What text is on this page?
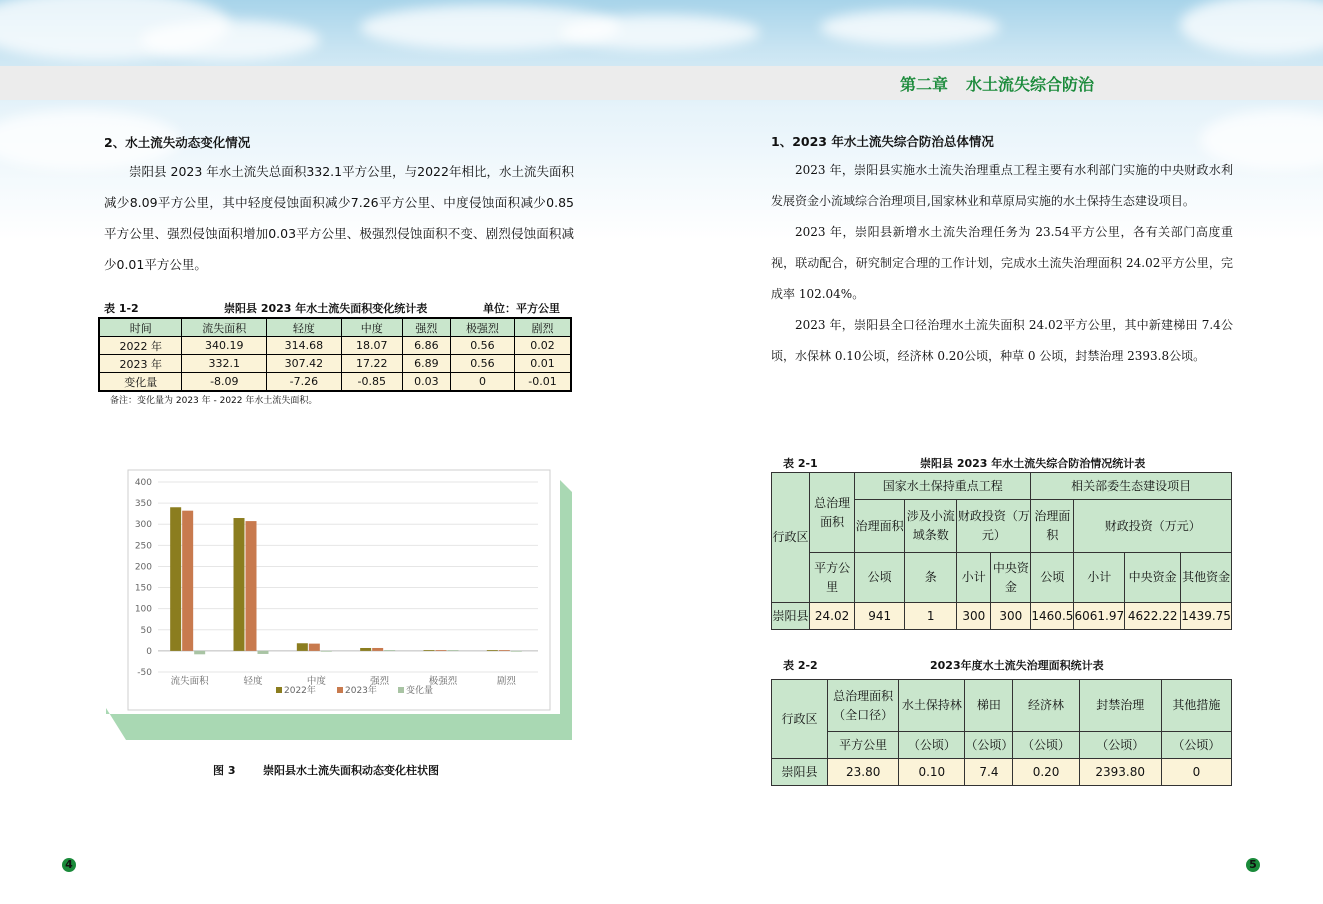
第二章 水土流失综合防治
2、水土流失动态变化情况

崇阳县 2023 年水土流失总面积332.1平方公里，与2022年相比，水土流失面积减少8.09平方公里，其中轻度侵蚀面积减少7.26平方公里、中度侵蚀面积减少0.85平方公里、强烈侵蚀面积增加0.03平方公里、极强烈侵蚀面积不变、剧烈侵蚀面积减少0.01平方公里。

表 1-2	崇阳县 2023 年水土流失面积变化统计表	单位：平方公里
时间	流失面积	轻度	中度	强烈	极强烈	剧烈
2022 年	340.19	314.68	18.07	6.86	0.56	0.02
2023 年	332.1	307.42	17.22	6.89	0.56	0.01
变化量	-8.09	-7.26	-0.85	0.03	0	-0.01
备注：变化量为 2023 年 - 2022 年水土流失面积。
400
350
300
250
200
150
100
50
0
-50
流失面积	轻度	中度	强烈	极强烈	剧烈
2022年	2023年	变化量
图 3	崇阳县水土流失面积动态变化柱状图
4
1、2023 年水土流失综合防治总体情况

2023 年，崇阳县实施水土流失治理重点工程主要有水利部门实施的中央财政水利发展资金小流域综合治理项目,国家林业和草原局实施的水土保持生态建设项目。

2023 年，崇阳县新增水土流失治理任务为 23.54平方公里，各有关部门高度重视，联动配合，研究制定合理的工作计划，完成水土流失治理面积 24.02平方公里，完成率 102.04%。

2023 年，崇阳县全口径治理水土流失面积 24.02平方公里，其中新建梯田 7.4公顷，水保林 0.10公顷，经济林 0.20公顷，种草 0 公顷，封禁治理 2393.8公顷。

表 2-1	崇阳县 2023 年水土流失综合防治情况统计表
行政区	总治理面积	国家水土保持重点工程				相关部委生态建设项目			
		治理面积	涉及小流域条数	财政投资（万元）		治理面积	财政投资（万元）		
	平方公里	公顷	条	小计	中央资金	公顷	小计	中央资金	其他资金
崇阳县	24.02	941	1	300	300	1460.5	6061.97	4622.22	1439.75
表 2-2	2023年度水土流失治理面积统计表
行政区	总治理面积（全口径）	水土保持林	梯田	经济林	封禁治理	其他措施
	平方公里	（公顷）	（公顷）	（公顷）	（公顷）	（公顷）
崇阳县	23.80	0.10	7.4	0.20	2393.80	0
5
